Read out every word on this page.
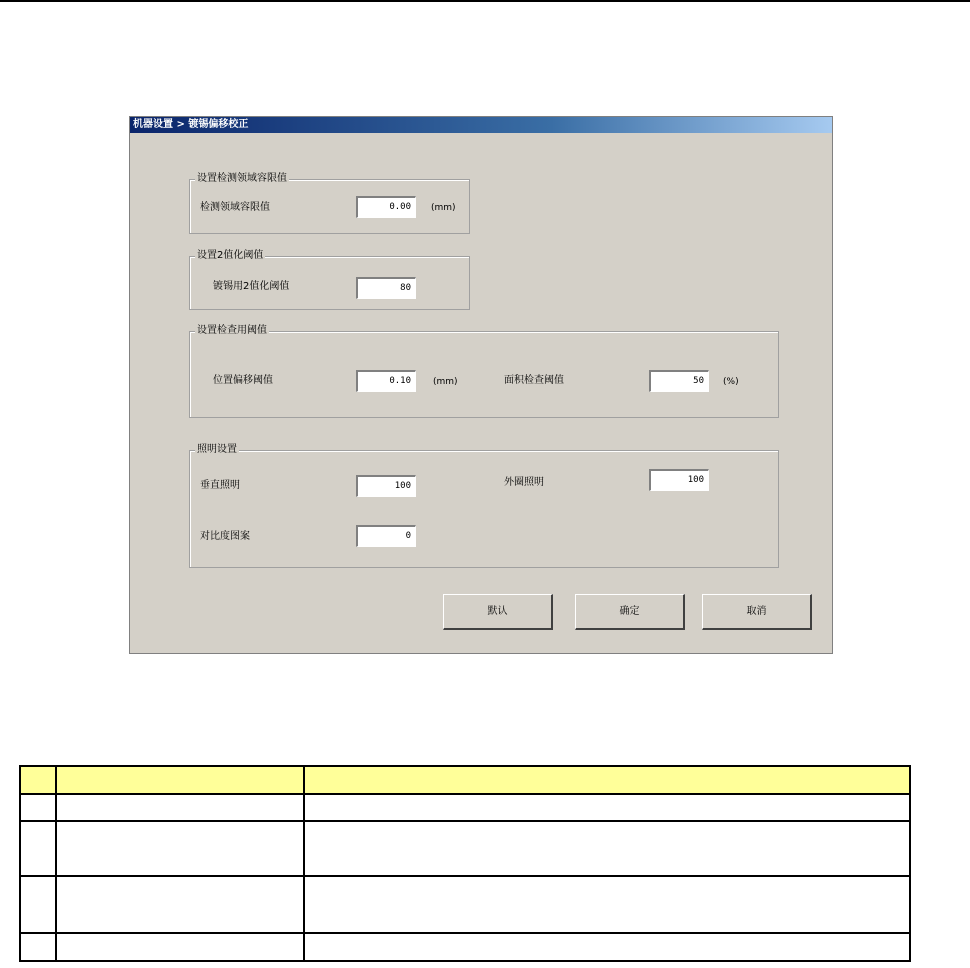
机器设置 > 镀锡偏移校正
设置检测领域容限值
检测领域容限值	0.00	(mm)
设置2值化阈值
镀锡用2值化阈值	80
设置检查用阈值
位置偏移阈值	0.10	(mm)	面积检查阈值	50	(%)
照明设置
垂直照明	100	外圈照明	100
对比度图案	0
默认	确定	取消
